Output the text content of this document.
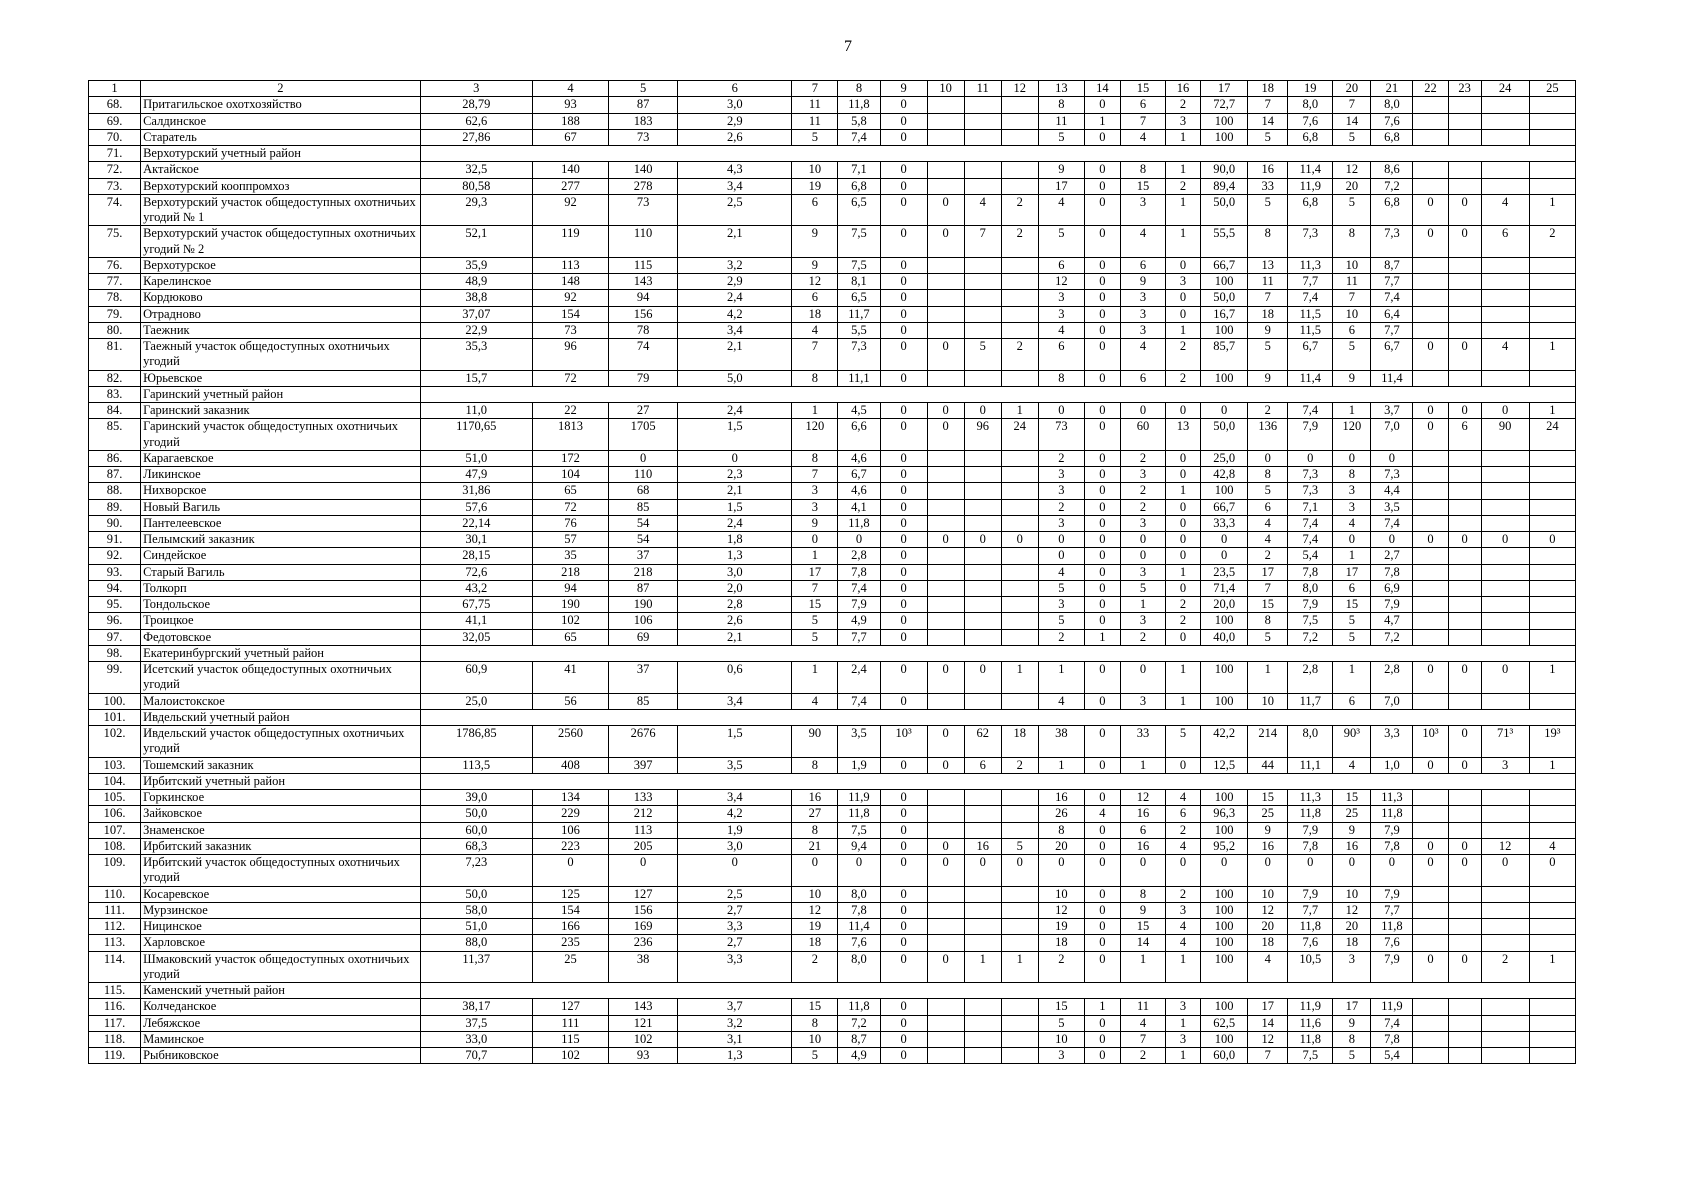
7
1	2	3	4	5	6	7	8	9	10	11	12	13	14	15	16	17	18	19	20	21	22	23	24	25
68.	Притагильское охотхозяйство	28,79	93	87	3,0	11	11,8	0				8	0	6	2	72,7	7	8,0	7	8,0				
69.	Салдинское	62,6	188	183	2,9	11	5,8	0				11	1	7	3	100	14	7,6	14	7,6				
70.	Старатель	27,86	67	73	2,6	5	7,4	0				5	0	4	1	100	5	6,8	5	6,8				
71.	Верхотурский учетный район																							
72.	Актайское	32,5	140	140	4,3	10	7,1	0				9	0	8	1	90,0	16	11,4	12	8,6				
73.	Верхотурский кооппромхоз	80,58	277	278	3,4	19	6,8	0				17	0	15	2	89,4	33	11,9	20	7,2				
74.	Верхотурский участок общедоступных охотничьих угодий № 1	29,3	92	73	2,5	6	6,5	0	0	4	2	4	0	3	1	50,0	5	6,8	5	6,8	0	0	4	1
75.	Верхотурский участок общедоступных охотничьих угодий № 2	52,1	119	110	2,1	9	7,5	0	0	7	2	5	0	4	1	55,5	8	7,3	8	7,3	0	0	6	2
76.	Верхотурское	35,9	113	115	3,2	9	7,5	0				6	0	6	0	66,7	13	11,3	10	8,7				
77.	Карелинское	48,9	148	143	2,9	12	8,1	0				12	0	9	3	100	11	7,7	11	7,7				
78.	Кордюково	38,8	92	94	2,4	6	6,5	0				3	0	3	0	50,0	7	7,4	7	7,4				
79.	Отрадново	37,07	154	156	4,2	18	11,7	0				3	0	3	0	16,7	18	11,5	10	6,4				
80.	Таежник	22,9	73	78	3,4	4	5,5	0				4	0	3	1	100	9	11,5	6	7,7				
81.	Таежный участок общедоступных охотничьих угодий	35,3	96	74	2,1	7	7,3	0	0	5	2	6	0	4	2	85,7	5	6,7	5	6,7	0	0	4	1
82.	Юрьевское	15,7	72	79	5,0	8	11,1	0				8	0	6	2	100	9	11,4	9	11,4				
83.	Гаринский учетный район																							
84.	Гаринский заказник	11,0	22	27	2,4	1	4,5	0	0	0	1	0	0	0	0	0	2	7,4	1	3,7	0	0	0	1
85.	Гаринский участок общедоступных охотничьих угодий	1170,65	1813	1705	1,5	120	6,6	0	0	96	24	73	0	60	13	50,0	136	7,9	120	7,0	0	6	90	24
86.	Карагаевское	51,0	172	0	0	8	4,6	0				2	0	2	0	25,0	0	0	0	0				
87.	Ликинское	47,9	104	110	2,3	7	6,7	0				3	0	3	0	42,8	8	7,3	8	7,3				
88.	Нихворское	31,86	65	68	2,1	3	4,6	0				3	0	2	1	100	5	7,3	3	4,4				
89.	Новый Вагиль	57,6	72	85	1,5	3	4,1	0				2	0	2	0	66,7	6	7,1	3	3,5				
90.	Пантелеевское	22,14	76	54	2,4	9	11,8	0				3	0	3	0	33,3	4	7,4	4	7,4				
91.	Пелымский заказник	30,1	57	54	1,8	0	0	0	0	0	0	0	0	0	0	0	4	7,4	0	0	0	0	0	0
92.	Синдейское	28,15	35	37	1,3	1	2,8	0				0	0	0	0	0	2	5,4	1	2,7				
93.	Старый Вагиль	72,6	218	218	3,0	17	7,8	0				4	0	3	1	23,5	17	7,8	17	7,8				
94.	Толкорп	43,2	94	87	2,0	7	7,4	0				5	0	5	0	71,4	7	8,0	6	6,9				
95.	Тондольское	67,75	190	190	2,8	15	7,9	0				3	0	1	2	20,0	15	7,9	15	7,9				
96.	Троицкое	41,1	102	106	2,6	5	4,9	0				5	0	3	2	100	8	7,5	5	4,7				
97.	Федотовское	32,05	65	69	2,1	5	7,7	0				2	1	2	0	40,0	5	7,2	5	7,2				
98.	Екатеринбургский учетный район																							
99.	Исетский участок общедоступных охотничьих угодий	60,9	41	37	0,6	1	2,4	0	0	0	1	1	0	0	1	100	1	2,8	1	2,8	0	0	0	1
100.	Малоистокское	25,0	56	85	3,4	4	7,4	0				4	0	3	1	100	10	11,7	6	7,0				
101.	Ивдельский учетный район																							
102.	Ивдельский участок общедоступных охотничьих угодий	1786,85	2560	2676	1,5	90	3,5	10³	0	62	18	38	0	33	5	42,2	214	8,0	90³	3,3	10³	0	71³	19³
103.	Тошемский заказник	113,5	408	397	3,5	8	1,9	0	0	6	2	1	0	1	0	12,5	44	11,1	4	1,0	0	0	3	1
104.	Ирбитский учетный район																							
105.	Горкинское	39,0	134	133	3,4	16	11,9	0				16	0	12	4	100	15	11,3	15	11,3				
106.	Зайковское	50,0	229	212	4,2	27	11,8	0				26	4	16	6	96,3	25	11,8	25	11,8				
107.	Знаменское	60,0	106	113	1,9	8	7,5	0				8	0	6	2	100	9	7,9	9	7,9				
108.	Ирбитский заказник	68,3	223	205	3,0	21	9,4	0	0	16	5	20	0	16	4	95,2	16	7,8	16	7,8	0	0	12	4
109.	Ирбитский участок общедоступных охотничьих угодий	7,23	0	0	0	0	0	0	0	0	0	0	0	0	0	0	0	0	0	0	0	0	0	0
110.	Косаревское	50,0	125	127	2,5	10	8,0	0				10	0	8	2	100	10	7,9	10	7,9				
111.	Мурзинское	58,0	154	156	2,7	12	7,8	0				12	0	9	3	100	12	7,7	12	7,7				
112.	Ницинское	51,0	166	169	3,3	19	11,4	0				19	0	15	4	100	20	11,8	20	11,8				
113.	Харловское	88,0	235	236	2,7	18	7,6	0				18	0	14	4	100	18	7,6	18	7,6				
114.	Шмаковский участок общедоступных охотничьих угодий	11,37	25	38	3,3	2	8,0	0	0	1	1	2	0	1	1	100	4	10,5	3	7,9	0	0	2	1
115.	Каменский учетный район																							
116.	Колчеданское	38,17	127	143	3,7	15	11,8	0				15	1	11	3	100	17	11,9	17	11,9				
117.	Лебяжское	37,5	111	121	3,2	8	7,2	0				5	0	4	1	62,5	14	11,6	9	7,4				
118.	Маминское	33,0	115	102	3,1	10	8,7	0				10	0	7	3	100	12	11,8	8	7,8				
119.	Рыбниковское	70,7	102	93	1,3	5	4,9	0				3	0	2	1	60,0	7	7,5	5	5,4				
